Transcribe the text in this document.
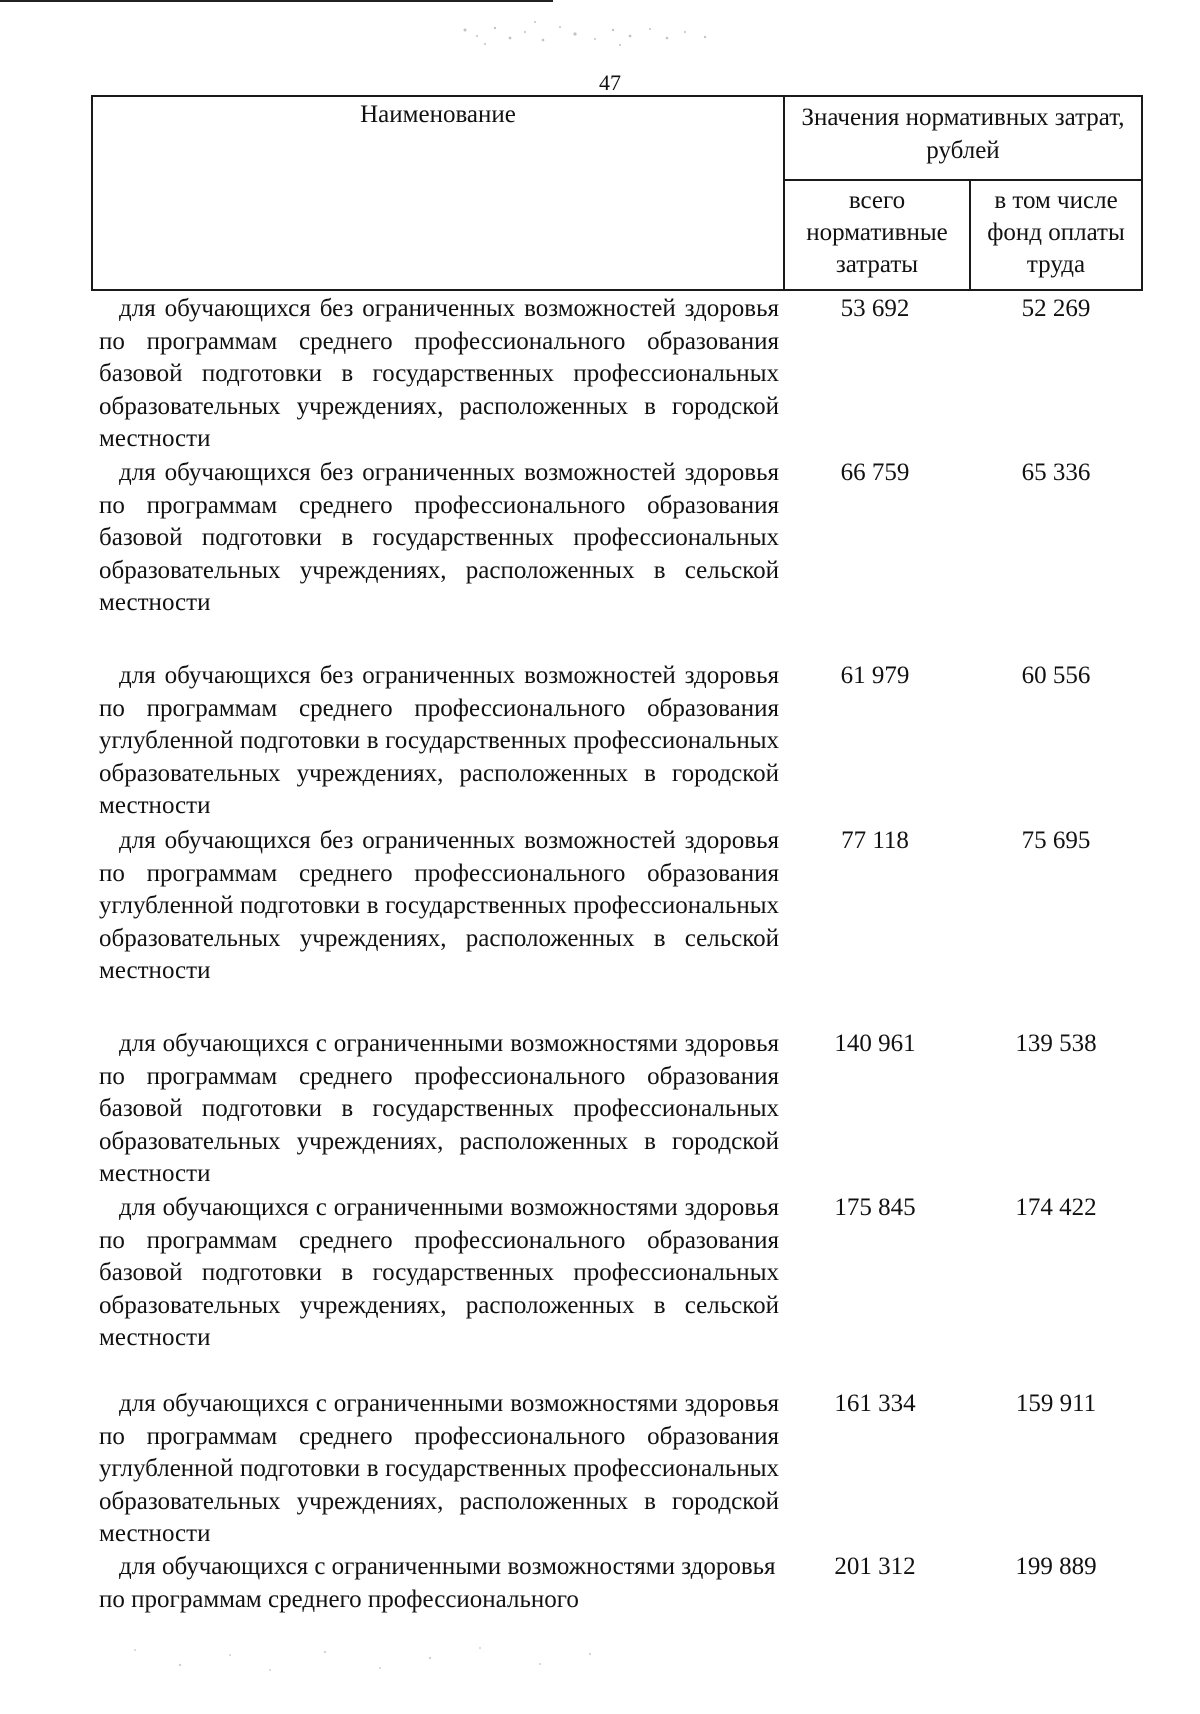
47
Наименование	Значения нормативных затрат, рублей
всего нормативные затраты
в том числе фонд оплаты труда
для обучающихся без ограниченных возможностей здоровья по программам среднего профессионального образования базовой подготовки в государственных профессиональных образовательных учреждениях, расположенных в городской местности
53 692	52 269
для обучающихся без ограниченных возможностей здоровья по программам среднего профессионального образования базовой подготовки в государственных профессиональных образовательных учреждениях, расположенных в сельской местности
66 759	65 336
для обучающихся без ограниченных возможностей здоровья по программам среднего профессионального образования углубленной подготовки в государственных профессиональных образовательных учреждениях, расположенных в городской местности
61 979	60 556
для обучающихся без ограниченных возможностей здоровья по программам среднего профессионального образования углубленной подготовки в государственных профессиональных образовательных учреждениях, расположенных в сельской местности
77 118	75 695
для обучающихся с ограниченными возможностями здоровья по программам среднего профессионального образования базовой подготовки в государственных профессиональных образовательных учреждениях, расположенных в городской местности
140 961	139 538
для обучающихся с ограниченными возможностями здоровья по программам среднего профессионального образования базовой подготовки в государственных профессиональных образовательных учреждениях, расположенных в сельской местности
175 845	174 422
для обучающихся с ограниченными возможностями здоровья по программам среднего профессионального образования углубленной подготовки в государственных профессиональных образовательных учреждениях, расположенных в городской местности
161 334	159 911
для обучающихся с ограниченными возможностями здоровья по программам среднего профессионального
201 312	199 889
